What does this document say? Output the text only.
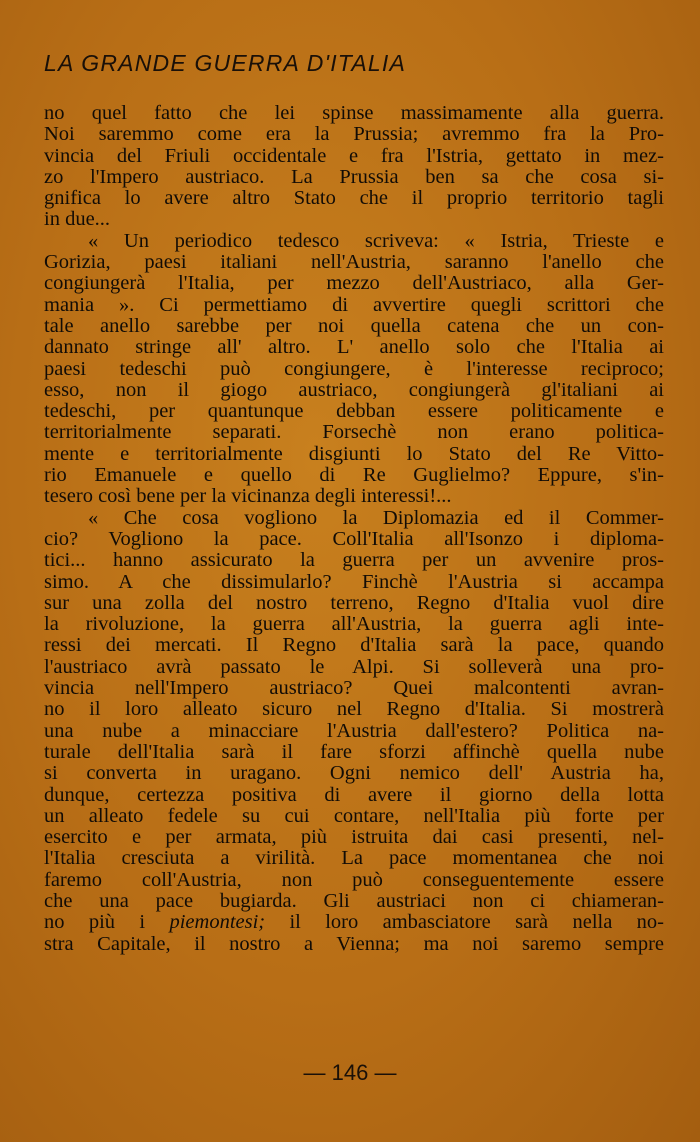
LA GRANDE GUERRA D'ITALIA
no quel fatto che lei spinse massimamente alla guerra.
Noi saremmo come era la Prussia; avremmo fra la Pro-
vincia del Friuli occidentale e fra l'Istria, gettato in mez-
zo l'Impero austriaco. La Prussia ben sa che cosa si-
gnifica lo avere altro Stato che il proprio territorio tagli
in due...
« Un periodico tedesco scriveva: « Istria, Trieste e
Gorizia, paesi italiani nell'Austria, saranno l'anello che
congiungerà l'Italia, per mezzo dell'Austriaco, alla Ger-
mania ». Ci permettiamo di avvertire quegli scrittori che
tale anello sarebbe per noi quella catena che un con-
dannato stringe all' altro. L' anello solo che l'Italia ai
paesi tedeschi può congiungere, è l'interesse reciproco;
esso, non il giogo austriaco, congiungerà gl'italiani ai
tedeschi, per quantunque debban essere politicamente e
territorialmente separati. Forsechè non erano politica-
mente e territorialmente disgiunti lo Stato del Re Vitto-
rio Emanuele e quello di Re Guglielmo? Eppure, s'in-
tesero così bene per la vicinanza degli interessi!...
« Che cosa vogliono la Diplomazia ed il Commer-
cio? Vogliono la pace. Coll'Italia all'Isonzo i diploma-
tici... hanno assicurato la guerra per un avvenire pros-
simo. A che dissimularlo? Finchè l'Austria si accampa
sur una zolla del nostro terreno, Regno d'Italia vuol dire
la rivoluzione, la guerra all'Austria, la guerra agli inte-
ressi dei mercati. Il Regno d'Italia sarà la pace, quando
l'austriaco avrà passato le Alpi. Si solleverà una pro-
vincia nell'Impero austriaco? Quei malcontenti avran-
no il loro alleato sicuro nel Regno d'Italia. Si mostrerà
una nube a minacciare l'Austria dall'estero? Politica na-
turale dell'Italia sarà il fare sforzi affinchè quella nube
si converta in uragano. Ogni nemico dell' Austria ha,
dunque, certezza positiva di avere il giorno della lotta
un alleato fedele su cui contare, nell'Italia più forte per
esercito e per armata, più istruita dai casi presenti, nel-
l'Italia cresciuta a virilità. La pace momentanea che noi
faremo coll'Austria, non può conseguentemente essere
che una pace bugiarda. Gli austriaci non ci chiameran-
no più i piemontesi; il loro ambasciatore sarà nella no-
stra Capitale, il nostro a Vienna; ma noi saremo sempre
— 146 —
